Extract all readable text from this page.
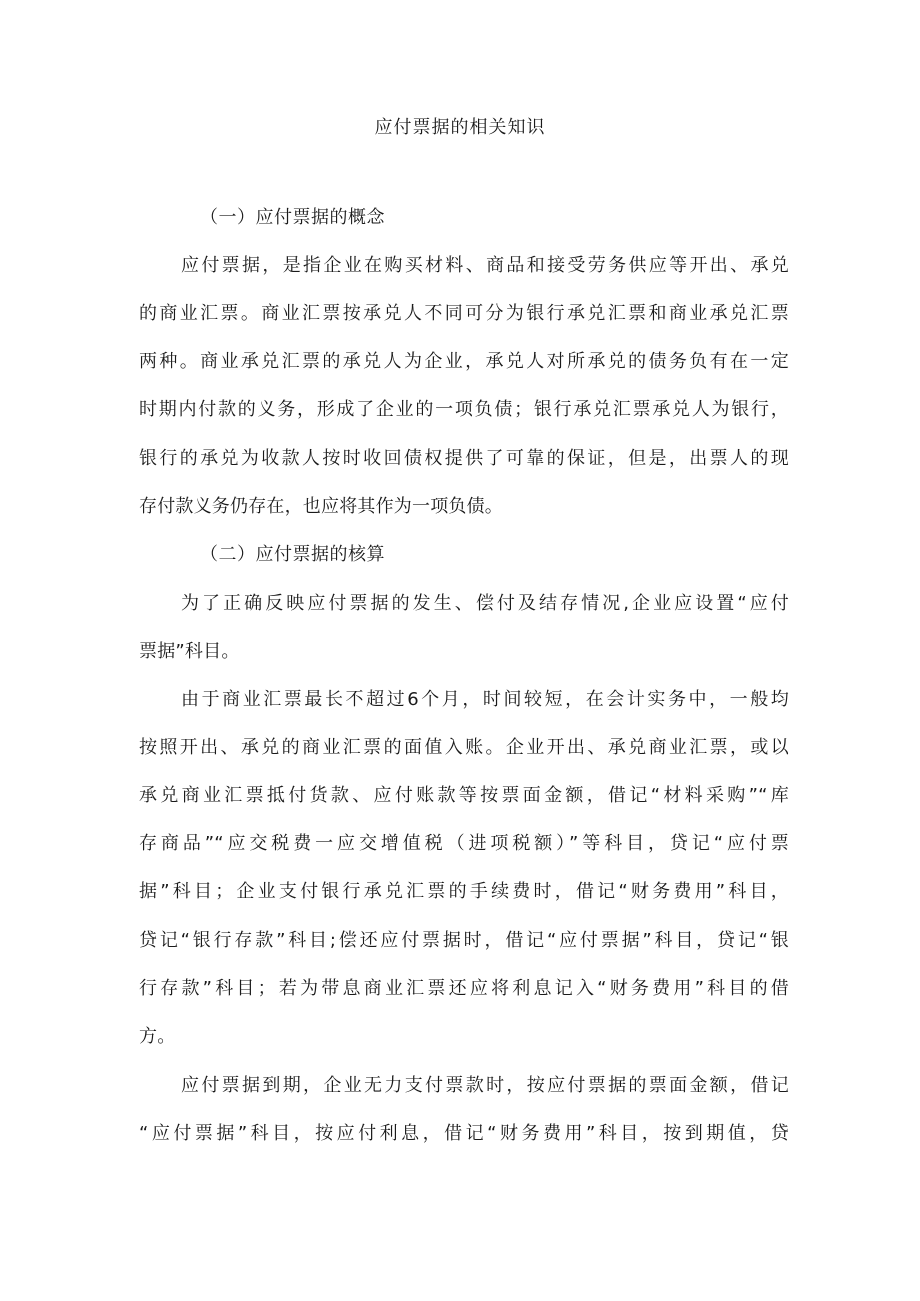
应付票据的相关知识
（一）应付票据的概念
应付票据，是指企业在购买材料、商品和接受劳务供应等开出、承兑
的商业汇票。商业汇票按承兑人不同可分为银行承兑汇票和商业承兑汇票
两种。商业承兑汇票的承兑人为企业，承兑人对所承兑的债务负有在一定
时期内付款的义务，形成了企业的一项负债；银行承兑汇票承兑人为银行，
银行的承兑为收款人按时收回债权提供了可靠的保证，但是，出票人的现
存付款义务仍存在，也应将其作为一项负债。
（二）应付票据的核算
为了正确反映应付票据的发生、偿付及结存情况,企业应设置“应付
票据”科目。
由于商业汇票最长不超过6个月，时间较短，在会计实务中，一般均
按照开出、承兑的商业汇票的面值入账。企业开出、承兑商业汇票，或以
承兑商业汇票抵付货款、应付账款等按票面金额，借记“材料采购”“库
存商品”“应交税费一应交增值税（进项税额）”等科目，贷记“应付票
据”科目；企业支付银行承兑汇票的手续费时，借记“财务费用”科目，
贷记“银行存款”科目;偿还应付票据时，借记“应付票据”科目，贷记“银
行存款”科目；若为带息商业汇票还应将利息记入“财务费用”科目的借
方。
应付票据到期，企业无力支付票款时，按应付票据的票面金额，借记
“应付票据”科目，按应付利息，借记“财务费用”科目，按到期值，贷
